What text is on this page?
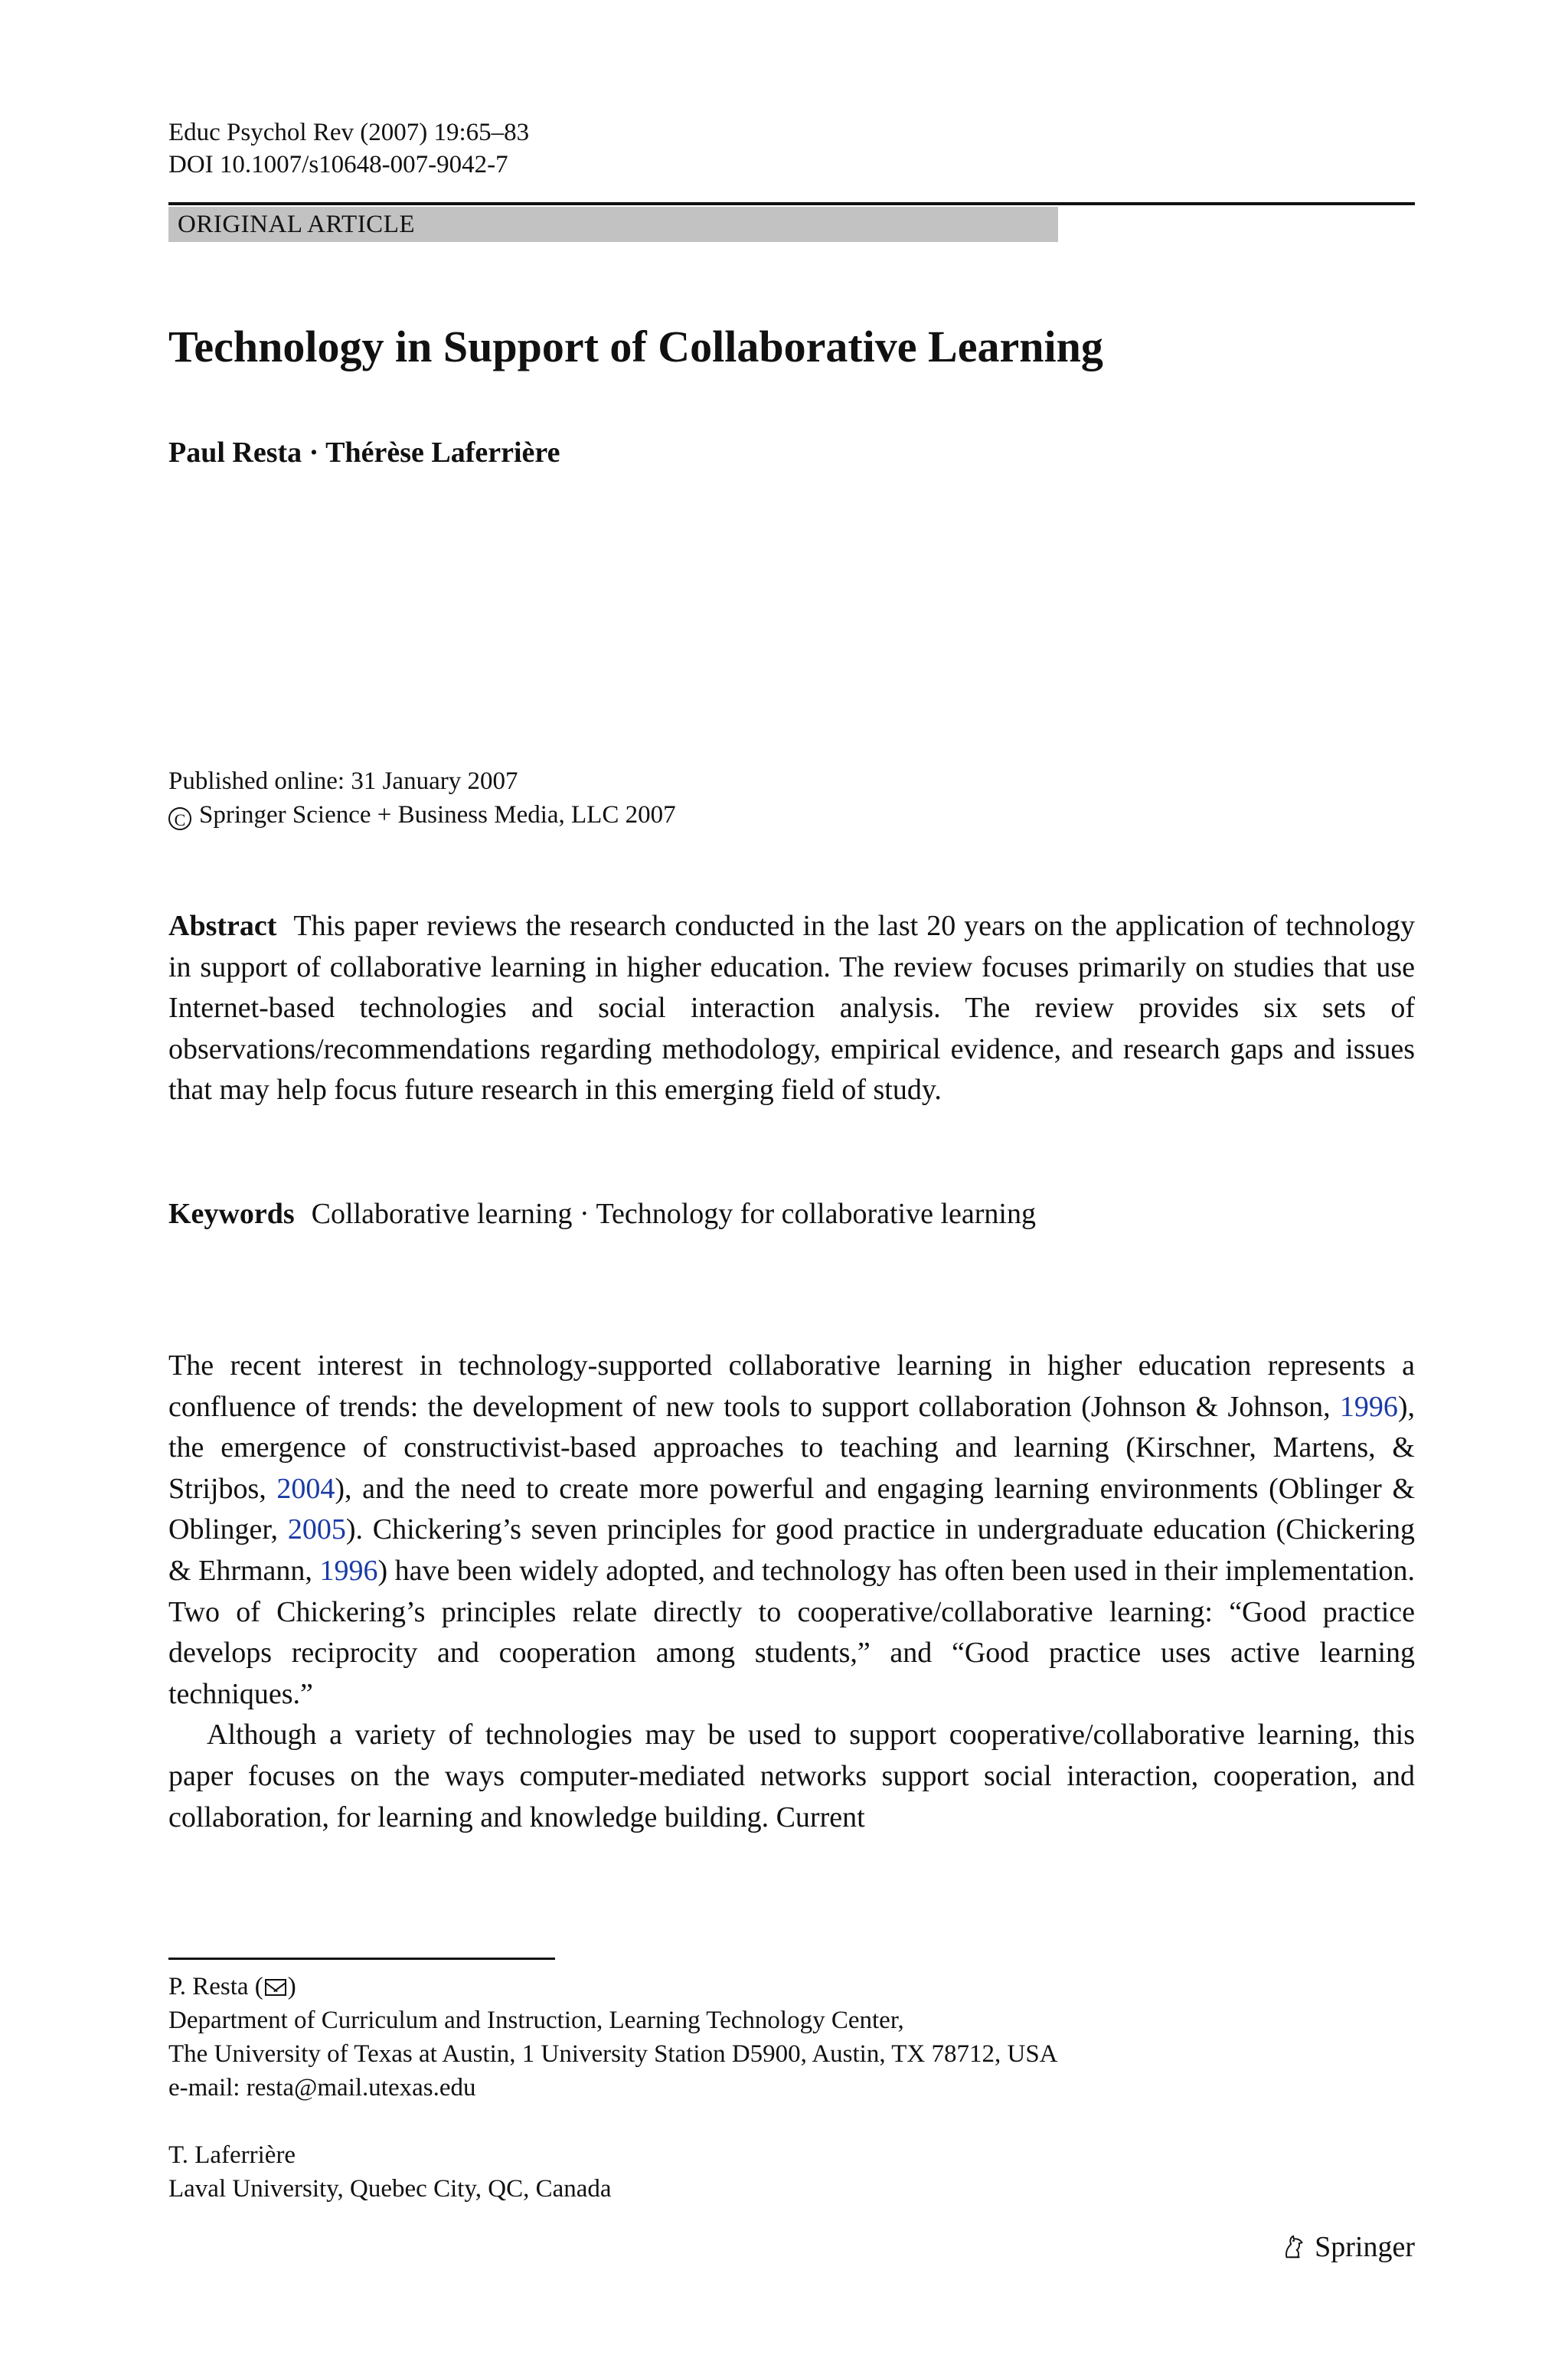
Educ Psychol Rev (2007) 19:65–83

DOI 10.1007/s10648-007-9042-7

ORIGINAL ARTICLE
Technology in Support of Collaborative Learning
Paul Resta · Thérèse Laferrière
Published online: 31 January 2007
C Springer Science + Business Media, LLC 2007

Abstract This paper reviews the research conducted in the last 20 years on the application of technology in support of collaborative learning in higher education. The review focuses primarily on studies that use Internet-based technologies and social interaction analysis. The review provides six sets of observations/recommendations regarding methodology, empirical evidence, and research gaps and issues that may help focus future research in this emerging field of study.

Keywords Collaborative learning · Technology for collaborative learning

The recent interest in technology-supported collaborative learning in higher education represents a confluence of trends: the development of new tools to support collaboration (Johnson & Johnson, 1996), the emergence of constructivist-based approaches to teaching and learning (Kirschner, Martens, & Strijbos, 2004), and the need to create more powerful and engaging learning environments (Oblinger & Oblinger, 2005). Chickering’s seven principles for good practice in undergraduate education (Chickering & Ehrmann, 1996) have been widely adopted, and technology has often been used in their implementation. Two of Chickering’s principles relate directly to cooperative/collaborative learning: “Good practice develops reciprocity and cooperation among students,” and “Good practice uses active learning techniques.”

Although a variety of technologies may be used to support cooperative/collaborative learning, this paper focuses on the ways computer-mediated networks support social interaction, cooperation, and collaboration, for learning and knowledge building. Current

P. Resta ( )

Department of Curriculum and Instruction, Learning Technology Center,

The University of Texas at Austin, 1 University Station D5900, Austin, TX 78712, USA

e-mail: resta@mail.utexas.edu

T. Laferrière

Laval University, Quebec City, QC, Canada

Springer
